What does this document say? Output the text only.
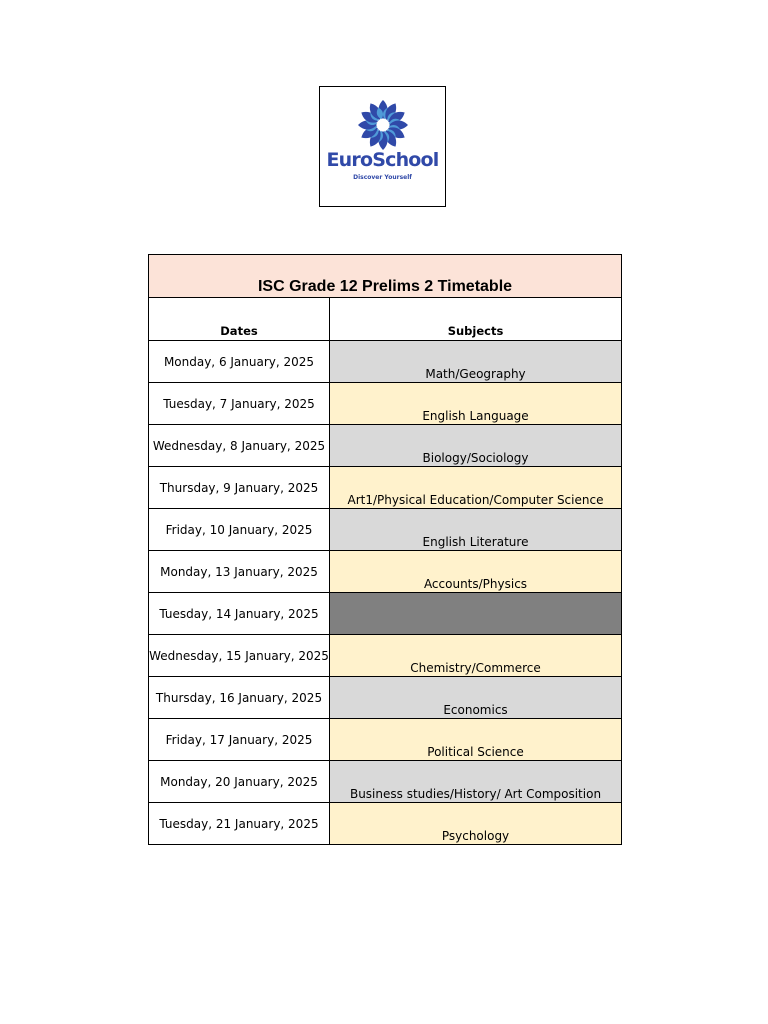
EuroSchool
Discover Yourself
ISC Grade 12 Prelims 2 Timetable	
Dates	Subjects
Monday, 6 January, 2025	Math/Geography
Tuesday, 7 January, 2025	English Language
Wednesday, 8 January, 2025	Biology/Sociology
Thursday, 9 January, 2025	Art1/Physical Education/Computer Science
Friday, 10 January, 2025	English Literature
Monday, 13 January, 2025	Accounts/Physics
Tuesday, 14 January, 2025	
Wednesday, 15 January, 2025	Chemistry/Commerce
Thursday, 16 January, 2025	Economics
Friday, 17 January, 2025	Political Science
Monday, 20 January, 2025	Business studies/History/ Art Composition
Tuesday, 21 January, 2025	Psychology
